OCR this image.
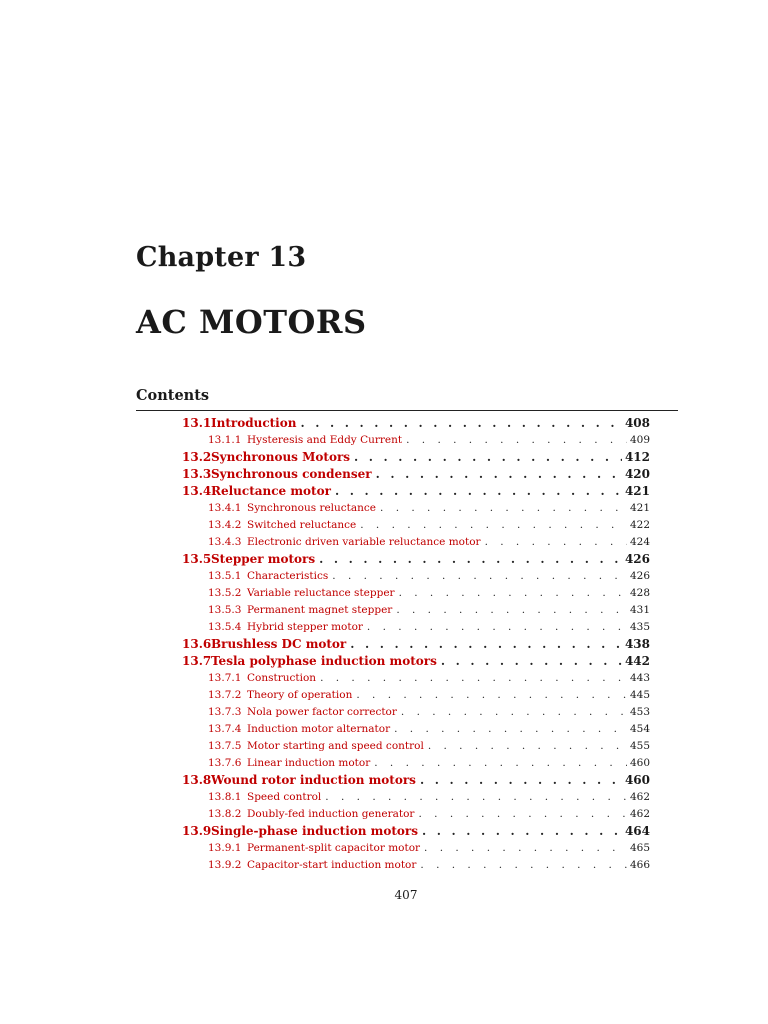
Chapter 13
AC MOTORS
Contents
13.1 Introduction . . .	408
13.1.1 Hysteresis and Eddy Current . . .	409
13.2 Synchronous Motors . . .	412
13.3 Synchronous condenser . . .	420
13.4 Reluctance motor . . .	421
13.4.1 Synchronous reluctance . . .	421
13.4.2 Switched reluctance . . .	422
13.4.3 Electronic driven variable reluctance motor . . .	424
13.5 Stepper motors . . .	426
13.5.1 Characteristics . . .	426
13.5.2 Variable reluctance stepper . . .	428
13.5.3 Permanent magnet stepper . . .	431
13.5.4 Hybrid stepper motor . . .	435
13.6 Brushless DC motor . . .	438
13.7 Tesla polyphase induction motors . . .	442
13.7.1 Construction . . .	443
13.7.2 Theory of operation . . .	445
13.7.3 Nola power factor corrector . . .	453
13.7.4 Induction motor alternator . . .	454
13.7.5 Motor starting and speed control . . .	455
13.7.6 Linear induction motor . . .	460
13.8 Wound rotor induction motors . . .	460
13.8.1 Speed control . . .	462
13.8.2 Doubly-fed induction generator . . .	462
13.9 Single-phase induction motors . . .	464
13.9.1 Permanent-split capacitor motor . . .	465
13.9.2 Capacitor-start induction motor . . .	466
407
